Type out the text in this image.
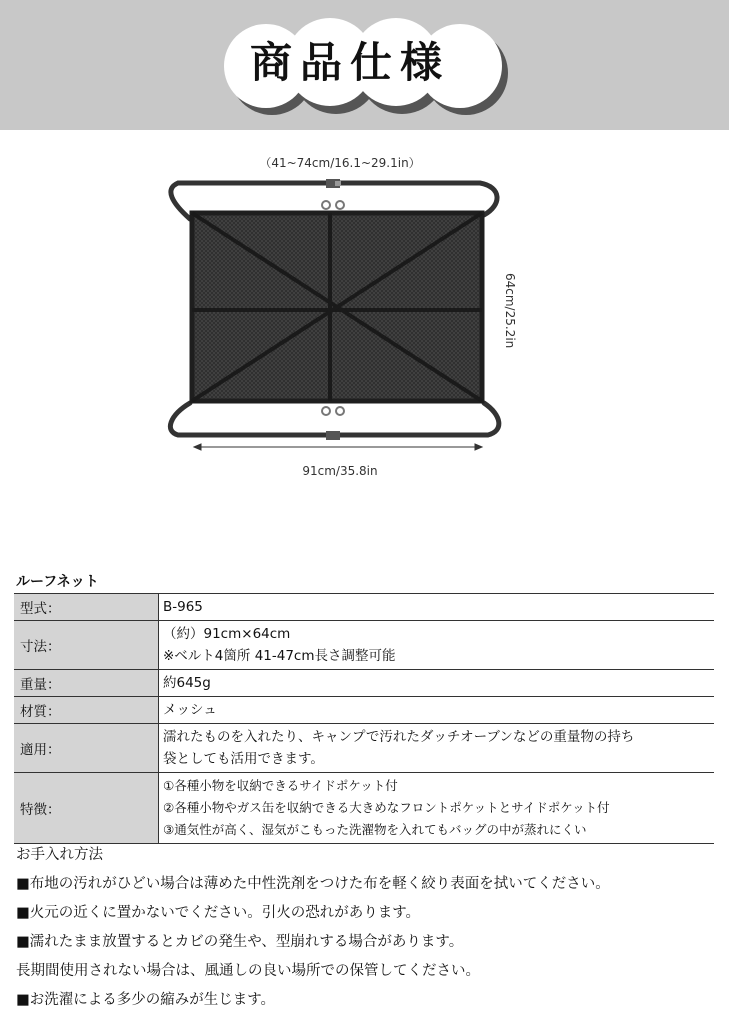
商品仕様
（41~74cm/16.1~29.1in）
91cm/35.8in
64cm/25.2in
ルーフネット
型式：	B-965

寸法：	（約）91cm×64cm
※ベルト4箇所 41-47cm長さ調整可能

重量：	約645g

材質：	メッシュ

適用：	濡れたものを入れたり、キャンプで汚れたダッチオーブンなどの重量物の持ち
袋としても活用できます。

特徴：	①各種小物を収納できるサイドポケット付
②各種小物やガス缶を収納できる大きめなフロントポケットとサイドポケット付
③通気性が高く、湿気がこもった洗濯物を入れてもバッグの中が蒸れにくい
お手入れ方法
■布地の汚れがひどい場合は薄めた中性洗剤をつけた布を軽く絞り表面を拭いてください。
■火元の近くに置かないでください。引火の恐れがあります。
■濡れたまま放置するとカビの発生や、型崩れする場合があります。
長期間使用されない場合は、風通しの良い場所での保管してください。
■お洗濯による多少の縮みが生じます。
